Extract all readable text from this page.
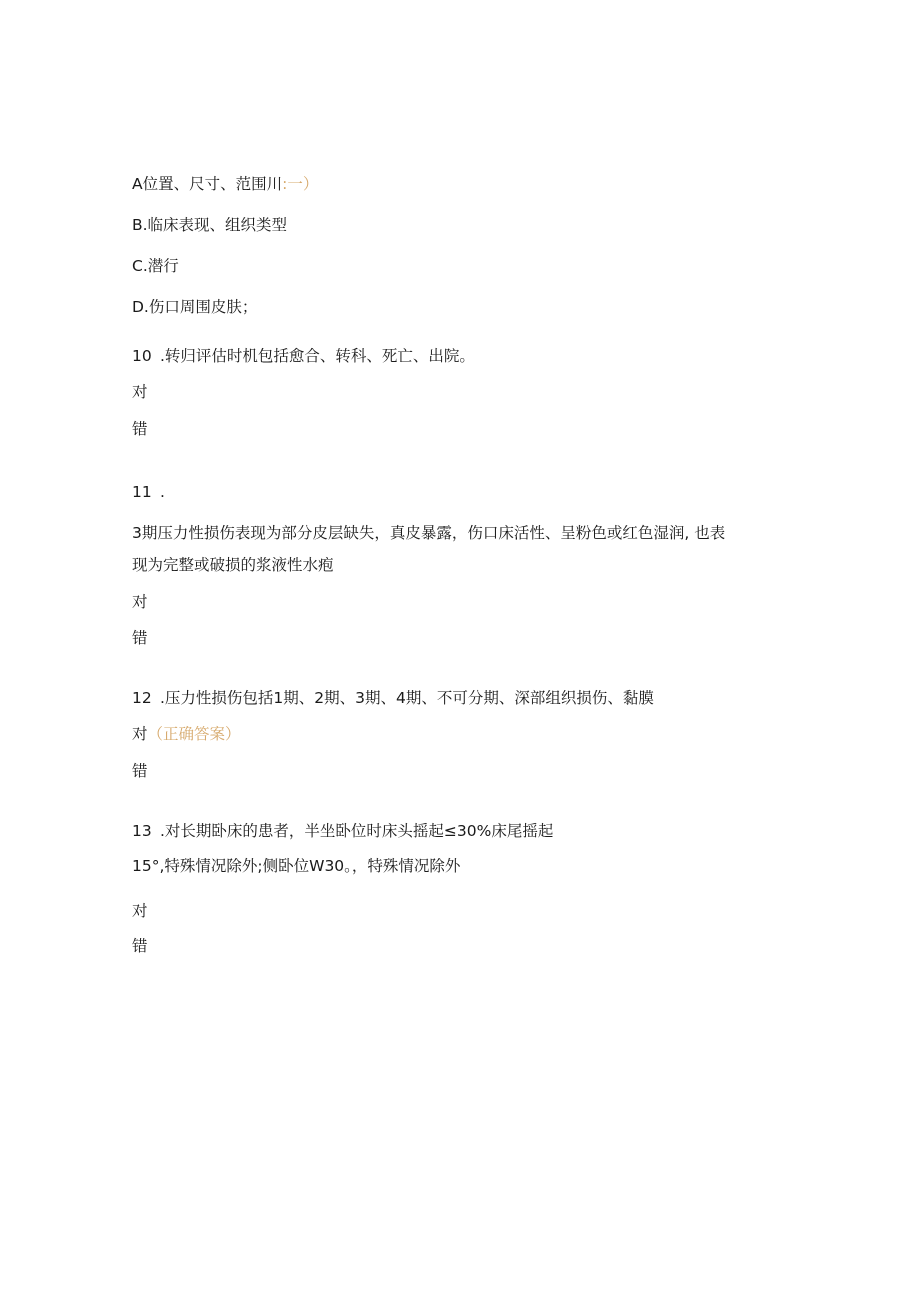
A位置、尺寸、范围川:一）
B.临床表现、组织类型
C.潜行
D.伤口周围皮肤；
10 .转归评估时机包括愈合、转科、死亡、出院。
对
错
11 .
3期压力性损伤表现为部分皮层缺失，真皮暴露，伤口床活性、呈粉色或红色湿润, 也表
现为完整或破损的浆液性水疱
对
错
12 .压力性损伤包括1期、2期、3期、4期、不可分期、深部组织损伤、黏膜
对（正确答案）
错
13 .对长期卧床的患者，半坐卧位时床头摇起≤30%床尾摇起
15°,特殊情况除外;侧卧位W30。，特殊情况除外
对
错
